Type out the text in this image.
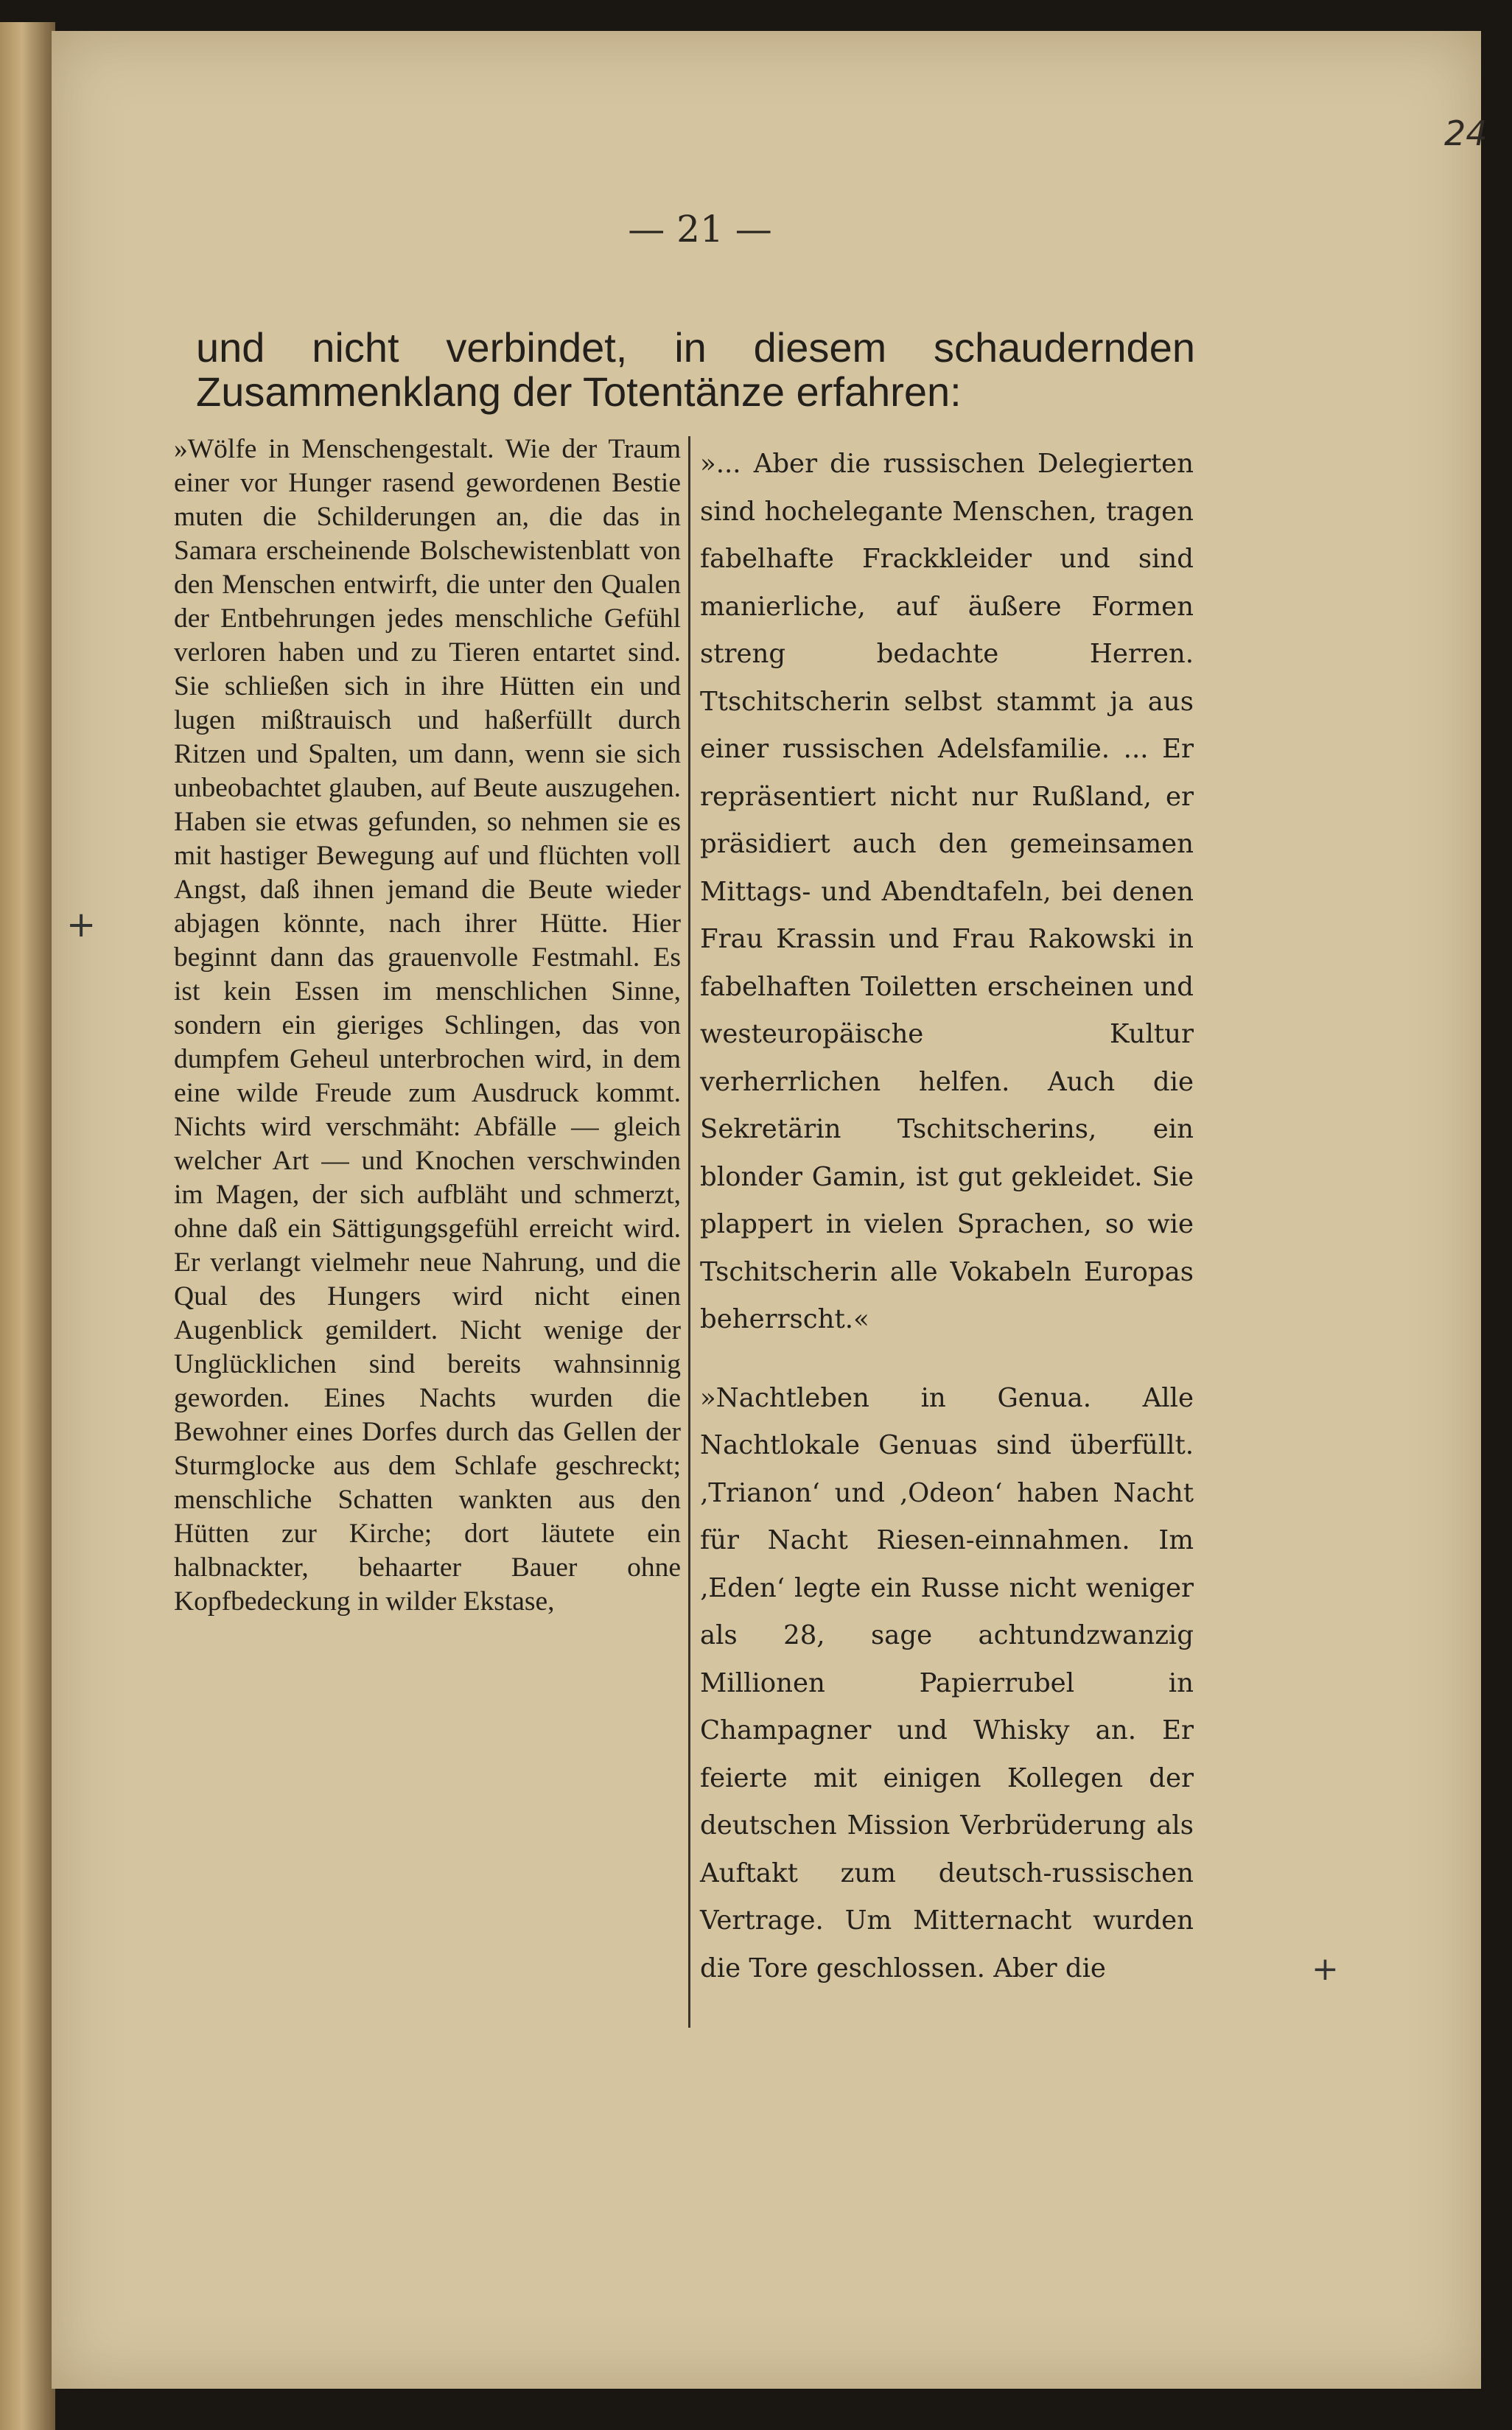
24
— 21 —
und nicht verbindet, in diesem schaudernden Zusammenklang der Totentänze erfahren:

»Wölfe in Menschengestalt. Wie der Traum einer vor Hunger rasend gewordenen Bestie muten die Schilderungen an, die das in Samara erscheinende Bolschewistenblatt von den Menschen entwirft, die unter den Qualen der Entbehrungen jedes menschliche Gefühl verloren haben und zu Tieren entartet sind. Sie schließen sich in ihre Hütten ein und lugen mißtrauisch und haßerfüllt durch Ritzen und Spalten, um dann, wenn sie sich unbeobachtet glauben, auf Beute auszugehen. Haben sie etwas gefunden, so nehmen sie es mit hastiger Bewegung auf und flüchten voll Angst, daß ihnen jemand die Beute wieder abjagen könnte, nach ihrer Hütte. Hier beginnt dann das grauenvolle Festmahl. Es ist kein Essen im menschlichen Sinne, sondern ein gieriges Schlingen, das von dumpfem Geheul unterbrochen wird, in dem eine wilde Freude zum Ausdruck kommt. Nichts wird verschmäht: Abfälle — gleich welcher Art — und Knochen verschwinden im Magen, der sich aufbläht und schmerzt, ohne daß ein Sättigungsgefühl erreicht wird. Er verlangt vielmehr neue Nahrung, und die Qual des Hungers wird nicht einen Augenblick gemildert. Nicht wenige der Unglücklichen sind bereits wahnsinnig geworden. Eines Nachts wurden die Bewohner eines Dorfes durch das Gellen der Sturmglocke aus dem Schlafe geschreckt; menschliche Schatten wankten aus den Hütten zur Kirche; dort läutete ein halbnackter, behaarter Bauer ohne Kopfbedeckung in wilder Ekstase,

»... Aber die russischen Delegierten sind hochelegante Menschen, tragen fabelhafte Frackkleider und sind manierliche, auf äußere Formen streng bedachte Herren. Ttschitscherin selbst stammt ja aus einer russischen Adelsfamilie. ... Er repräsentiert nicht nur Rußland, er präsidiert auch den gemeinsamen Mittags- und Abendtafeln, bei denen Frau Krassin und Frau Rakowski in fabelhaften Toiletten erscheinen und westeuropäische Kultur verherrlichen helfen. Auch die Sekretärin Tschitscherins, ein blonder Gamin, ist gut gekleidet. Sie plappert in vielen Sprachen, so wie Tschitscherin alle Vokabeln Europas beherrscht.«

»Nachtleben in Genua. Alle Nachtlokale Genuas sind überfüllt. ‚Trianon‘ und ‚Odeon‘ haben Nacht für Nacht Riesen-einnahmen. Im ‚Eden‘ legte ein Russe nicht weniger als 28, sage achtundzwanzig Millionen Papierrubel in Champagner und Whisky an. Er feierte mit einigen Kollegen der deutschen Mission Verbrüderung als Auftakt zum deutsch-russischen Vertrage. Um Mitternacht wurden die Tore geschlossen. Aber die

+
+
